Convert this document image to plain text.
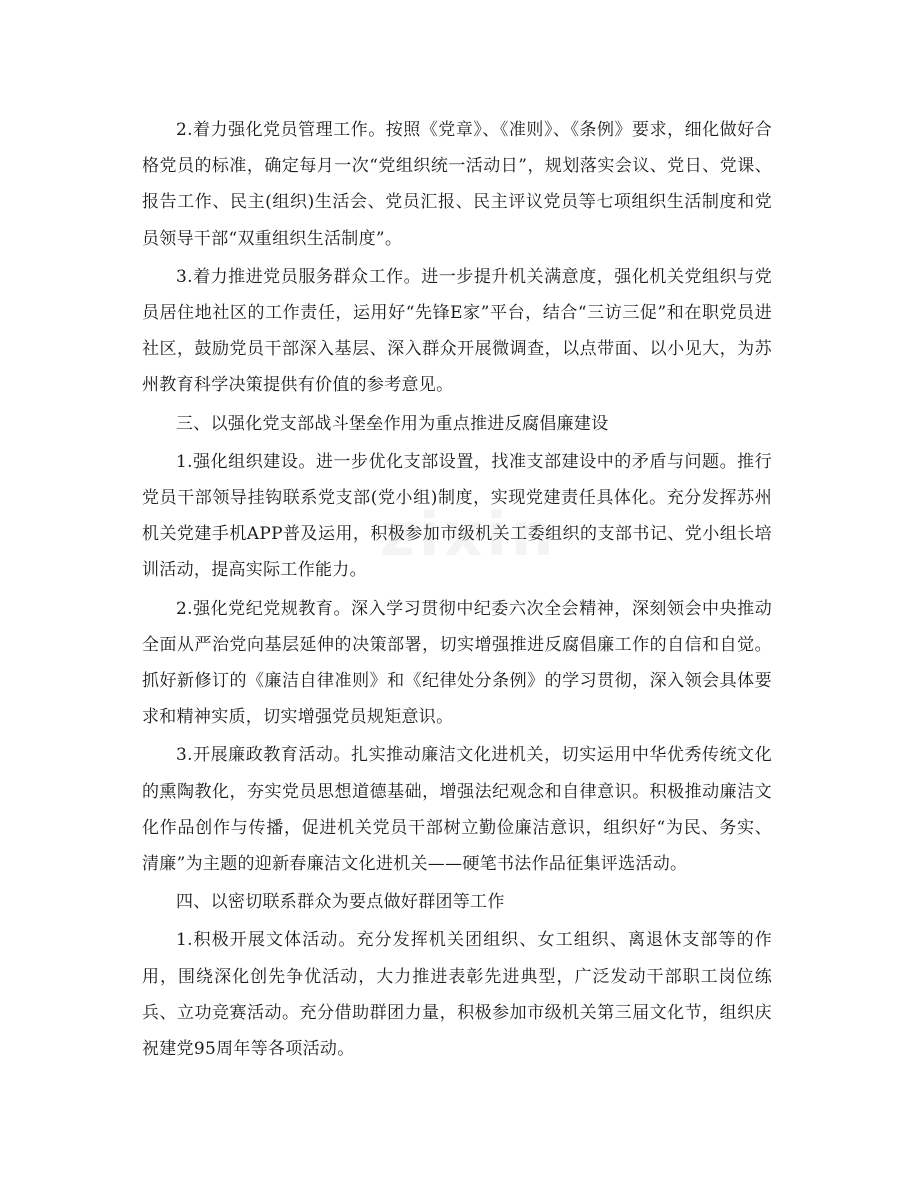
zixin

2.着力强化党员管理工作。按照《党章》、《准则》、《条例》要求，细化做好合格党员的标准，确定每月一次“党组织统一活动日”，规划落实会议、党日、党课、报告工作、民主(组织)生活会、党员汇报、民主评议党员等七项组织生活制度和党员领导干部“双重组织生活制度”。

3.着力推进党员服务群众工作。进一步提升机关满意度，强化机关党组织与党员居住地社区的工作责任，运用好“先锋E家”平台，结合“三访三促”和在职党员进社区，鼓励党员干部深入基层、深入群众开展微调查，以点带面、以小见大，为苏州教育科学决策提供有价值的参考意见。

三、以强化党支部战斗堡垒作用为重点推进反腐倡廉建设

1.强化组织建设。进一步优化支部设置，找准支部建设中的矛盾与问题。推行党员干部领导挂钩联系党支部(党小组)制度，实现党建责任具体化。充分发挥苏州机关党建手机APP普及运用，积极参加市级机关工委组织的支部书记、党小组长培训活动，提高实际工作能力。

2.强化党纪党规教育。深入学习贯彻中纪委六次全会精神，深刻领会中央推动全面从严治党向基层延伸的决策部署，切实增强推进反腐倡廉工作的自信和自觉。抓好新修订的《廉洁自律准则》和《纪律处分条例》的学习贯彻，深入领会具体要求和精神实质，切实增强党员规矩意识。

3.开展廉政教育活动。扎实推动廉洁文化进机关，切实运用中华优秀传统文化的熏陶教化，夯实党员思想道德基础，增强法纪观念和自律意识。积极推动廉洁文化作品创作与传播，促进机关党员干部树立勤俭廉洁意识，组织好“为民、务实、清廉”为主题的迎新春廉洁文化进机关——硬笔书法作品征集评选活动。

四、以密切联系群众为要点做好群团等工作

1.积极开展文体活动。充分发挥机关团组织、女工组织、离退休支部等的作用，围绕深化创先争优活动，大力推进表彰先进典型，广泛发动干部职工岗位练兵、立功竞赛活动。充分借助群团力量，积极参加市级机关第三届文化节，组织庆祝建党95周年等各项活动。
